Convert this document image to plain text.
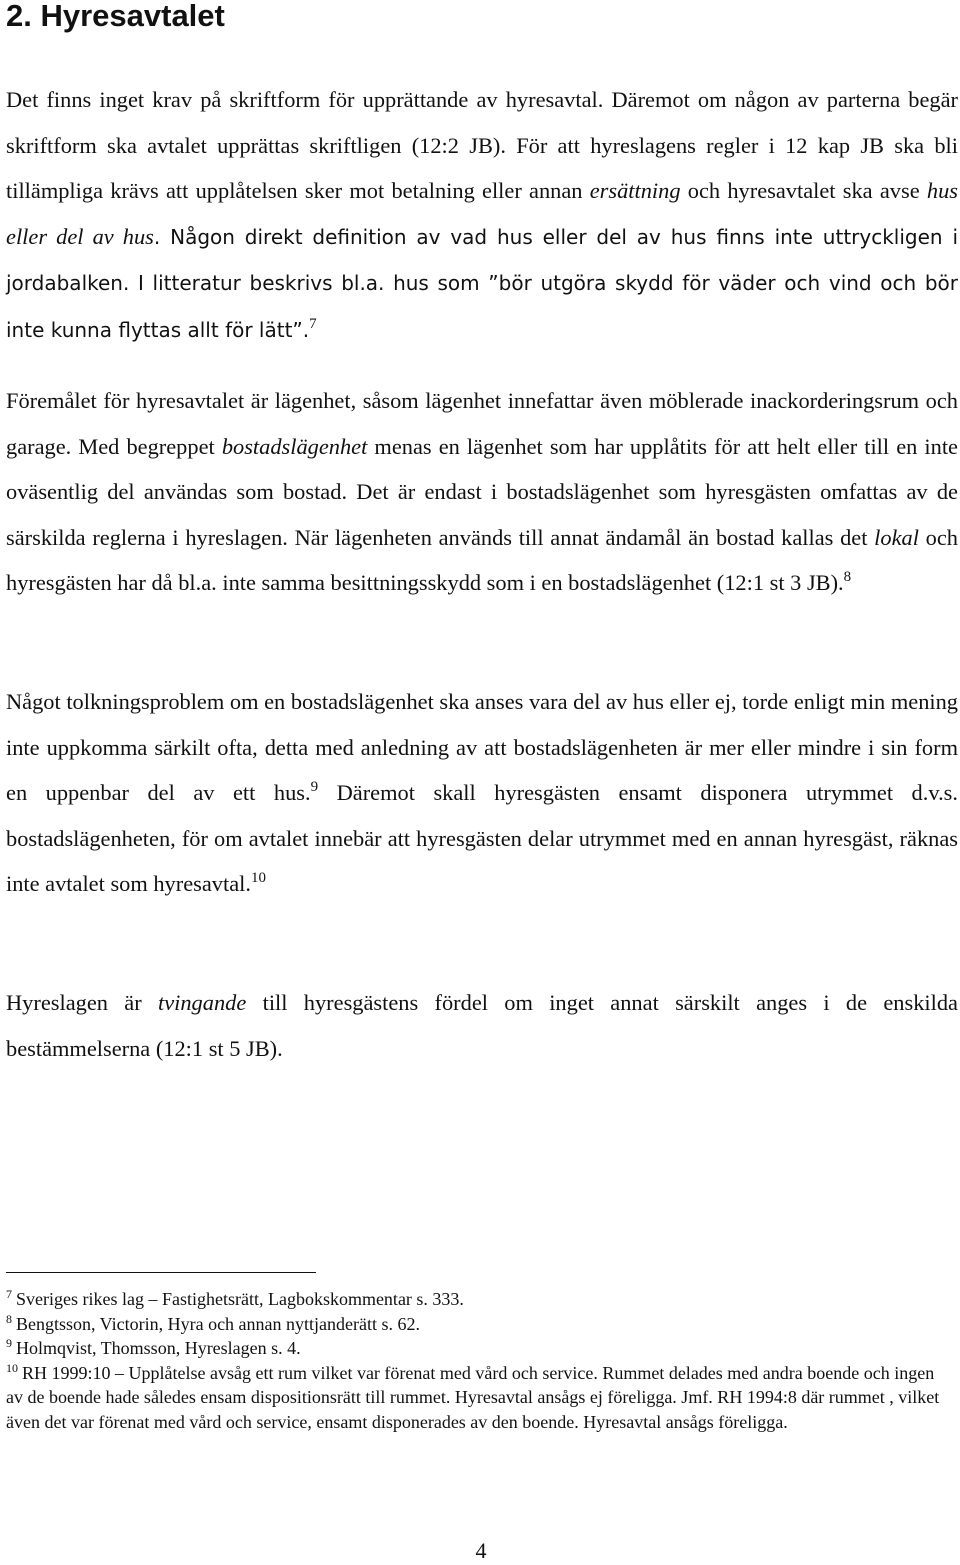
2. Hyresavtalet

Det finns inget krav på skriftform för upprättande av hyresavtal. Däremot om någon av parterna begär skriftform ska avtalet upprättas skriftligen (12:2 JB). För att hyreslagens regler i 12 kap JB ska bli tillämpliga krävs att upplåtelsen sker mot betalning eller annan ersättning och hyresavtalet ska avse hus eller del av hus. Någon direkt definition av vad hus eller del av hus finns inte uttryckligen i jordabalken. I litteratur beskrivs bl.a. hus som ”bör utgöra skydd för väder och vind och bör inte kunna flyttas allt för lätt”.$^7$

Föremålet för hyresavtalet är lägenhet, såsom lägenhet innefattar även möblerade inackorderingsrum och garage. Med begreppet bostadslägenhet menas en lägenhet som har upplåtits för att helt eller till en inte oväsentlig del användas som bostad. Det är endast i bostadslägenhet som hyresgästen omfattas av de särskilda reglerna i hyreslagen. När lägenheten används till annat ändamål än bostad kallas det lokal och hyresgästen har då bl.a. inte samma besittningsskydd som i en bostadslägenhet (12:1 st 3 JB).$^8$

Något tolkningsproblem om en bostadslägenhet ska anses vara del av hus eller ej, torde enligt min mening inte uppkomma särkilt ofta, detta med anledning av att bostadslägenheten är mer eller mindre i sin form en uppenbar del av ett hus.$^9$ Däremot skall hyresgästen ensamt disponera utrymmet d.v.s. bostadslägenheten, för om avtalet innebär att hyresgästen delar utrymmet med en annan hyresgäst, räknas inte avtalet som hyresavtal.$^{10}$

Hyreslagen är tvingande till hyresgästens fördel om inget annat särskilt anges i de enskilda bestämmelserna (12:1 st 5 JB).

$^7$ Sveriges rikes lag – Fastighetsrätt, Lagbokskommentar s. 333.

$^8$ Bengtsson, Victorin, Hyra och annan nyttjanderätt s. 62.

$^9$ Holmqvist, Thomsson, Hyreslagen s. 4.

$^{10}$ RH 1999:10 – Upplåtelse avsåg ett rum vilket var förenat med vård och service. Rummet delades med andra boende och ingen av de boende hade således ensam dispositionsrätt till rummet. Hyresavtal ansågs ej föreligga. Jmf. RH 1994:8 där rummet , vilket även det var förenat med vård och service, ensamt disponerades av den boende. Hyresavtal ansågs föreligga.

4
